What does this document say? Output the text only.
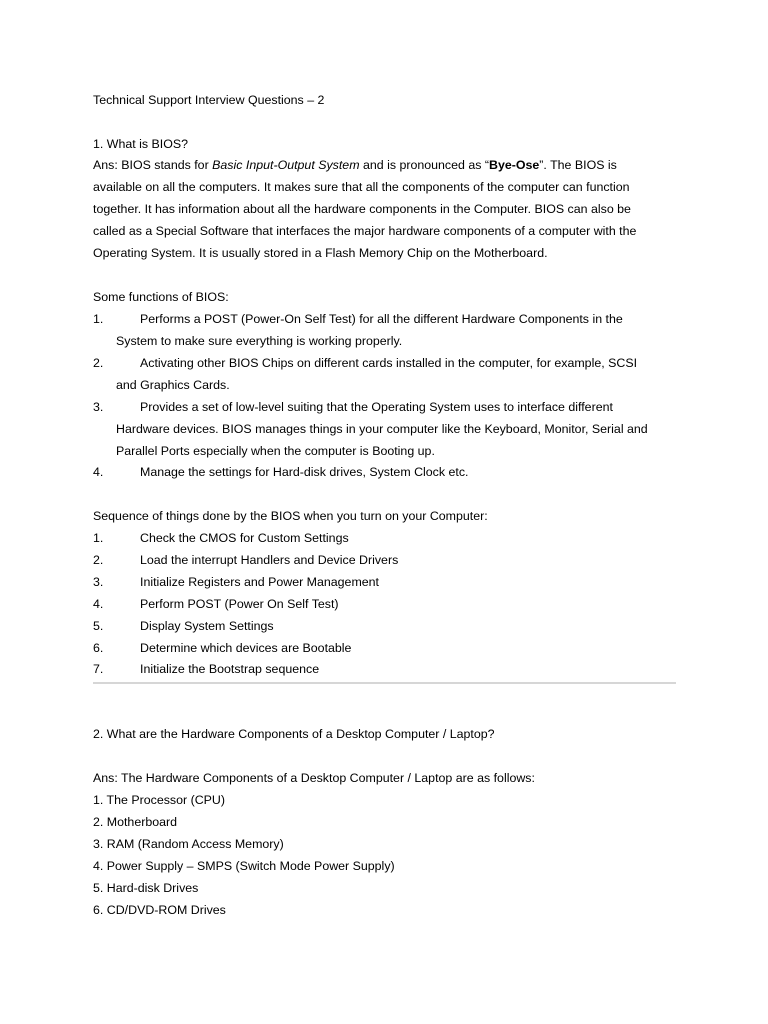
Technical Support Interview Questions – 2
1. What is BIOS?
Ans: BIOS stands for Basic Input-Output System and is pronounced as “Bye-Ose”. The BIOS is
available on all the computers. It makes sure that all the components of the computer can function
together. It has information about all the hardware components in the Computer. BIOS can also be
called as a Special Software that interfaces the major hardware components of a computer with the
Operating System. It is usually stored in a Flash Memory Chip on the Motherboard.
Some functions of BIOS:
1.	Performs a POST (Power-On Self Test) for all the different Hardware Components in the
System to make sure everything is working properly.
2.	Activating other BIOS Chips on different cards installed in the computer, for example, SCSI
and Graphics Cards.
3.	Provides a set of low-level suiting that the Operating System uses to interface different
Hardware devices. BIOS manages things in your computer like the Keyboard, Monitor, Serial and
Parallel Ports especially when the computer is Booting up.
4.	Manage the settings for Hard-disk drives, System Clock etc.
Sequence of things done by the BIOS when you turn on your Computer:
1.	Check the CMOS for Custom Settings
2.	Load the interrupt Handlers and Device Drivers
3.	Initialize Registers and Power Management
4.	Perform POST (Power On Self Test)
5.	Display System Settings
6.	Determine which devices are Bootable
7.	Initialize the Bootstrap sequence
2. What are the Hardware Components of a Desktop Computer / Laptop?
Ans: The Hardware Components of a Desktop Computer / Laptop are as follows:
1. The Processor (CPU)
2. Motherboard
3. RAM (Random Access Memory)
4. Power Supply – SMPS (Switch Mode Power Supply)
5. Hard-disk Drives
6. CD/DVD-ROM Drives
